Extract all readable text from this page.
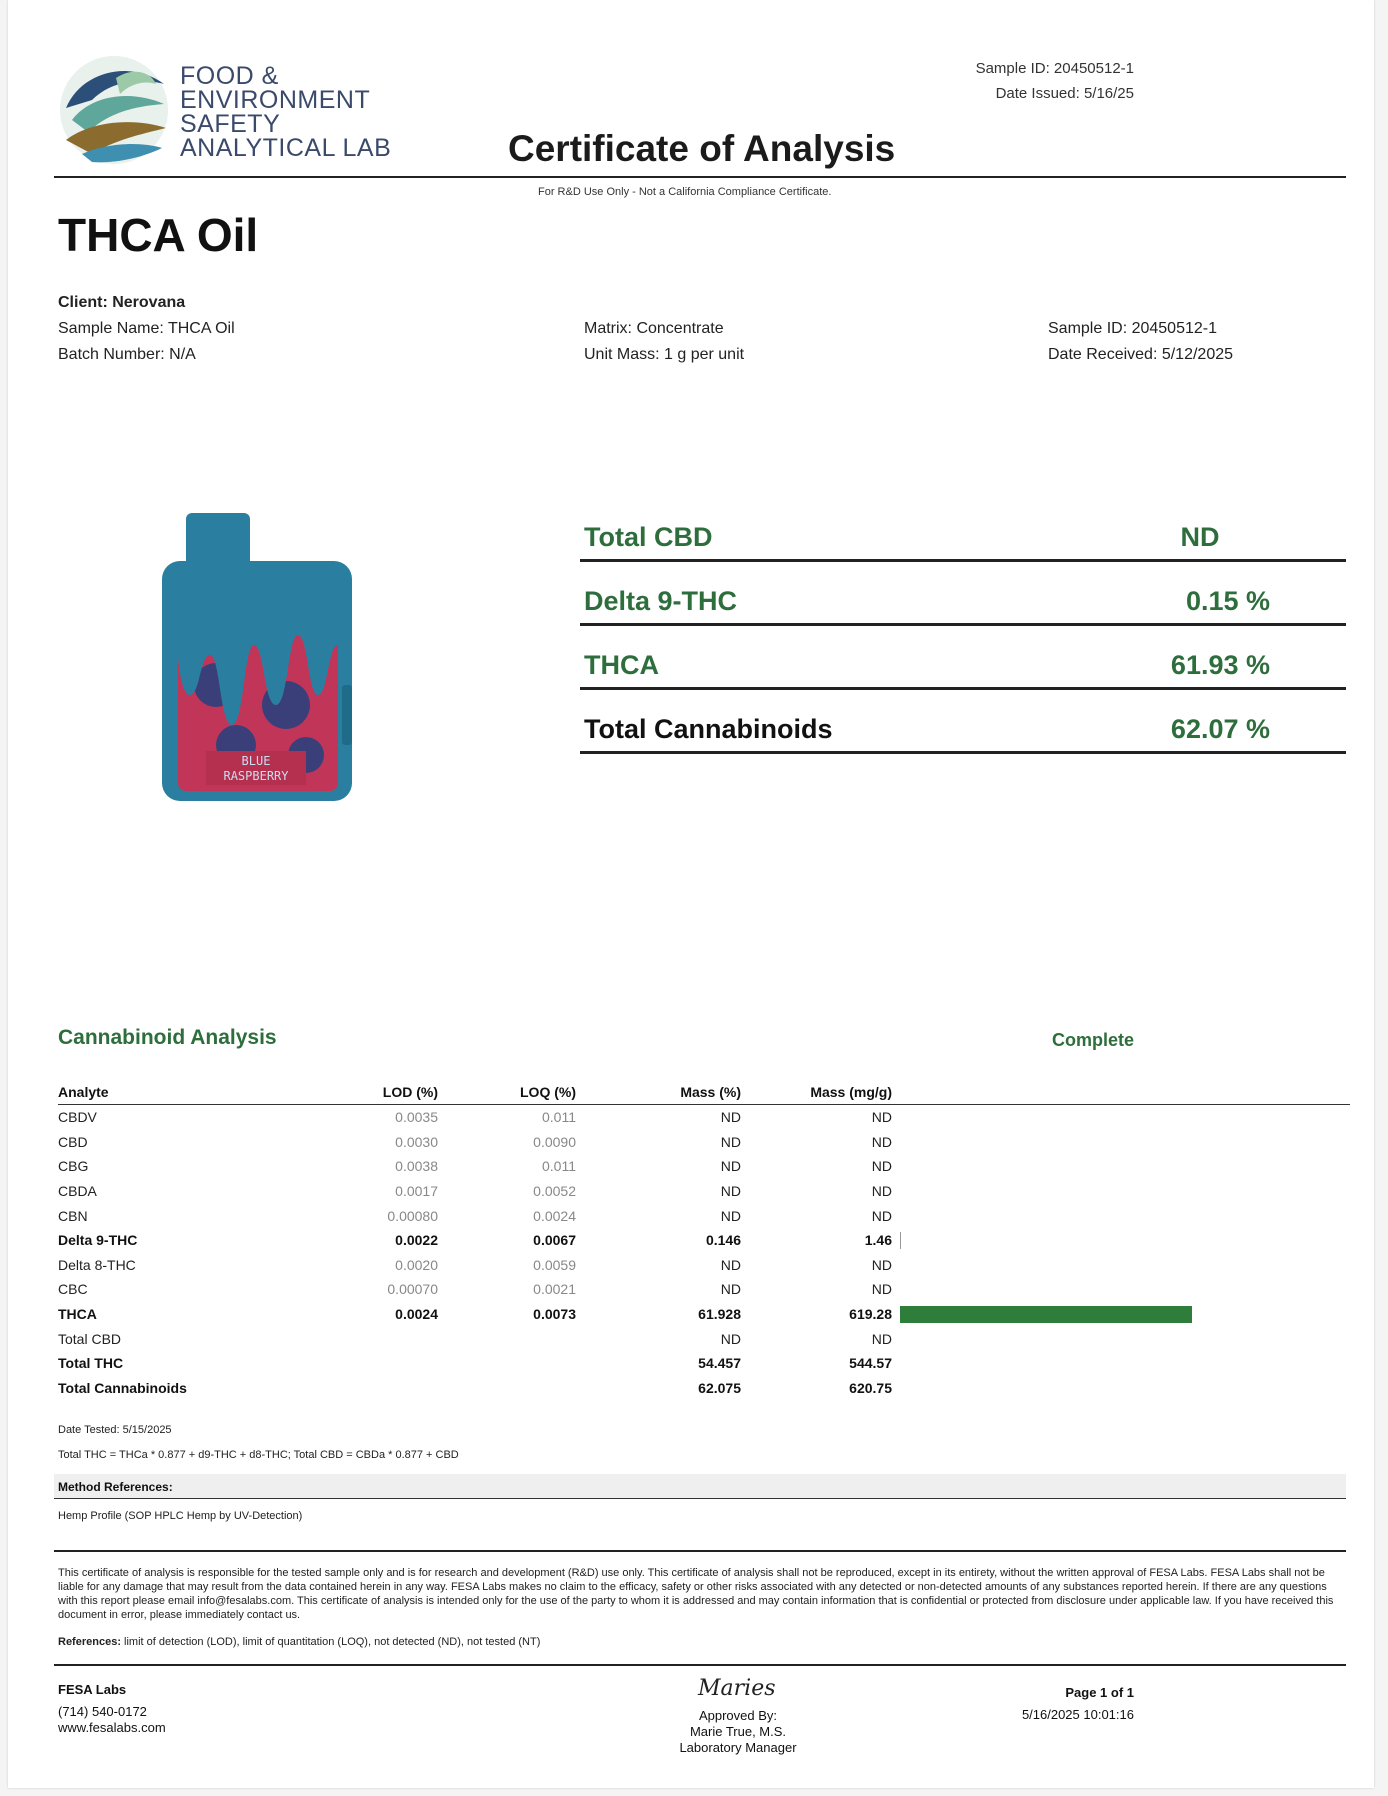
FOOD &
ENVIRONMENT
SAFETY
ANALYTICAL LAB
Sample ID: 20450512-1
Date Issued: 5/16/25
Certificate of Analysis
For R&D Use Only - Not a California Compliance Certificate.
THCA Oil
Client: Nerovana
Sample Name: THCA Oil
Batch Number: N/A
Matrix: Concentrate
Unit Mass: 1 g per unit
Sample ID: 20450512-1
Date Received: 5/12/2025
BLUE
RASPBERRY
Total CBD	ND
Delta 9-THC	0.15 %
THCA	61.93 %
Total Cannabinoids	62.07 %
Cannabinoid Analysis	Complete
Analyte	LOD (%)	LOQ (%)	Mass (%)	Mass (mg/g)	
CBDV	0.0035	0.011	ND	ND	
CBD	0.0030	0.0090	ND	ND	
CBG	0.0038	0.011	ND	ND	
CBDA	0.0017	0.0052	ND	ND	
CBN	0.00080	0.0024	ND	ND	
Delta 9-THC	0.0022	0.0067	0.146	1.46	

Delta 8-THC	0.0020	0.0059	ND	ND	
CBC	0.00070	0.0021	ND	ND	
THCA	0.0024	0.0073	61.928	619.28	

Total CBD			ND	ND	
Total THC			54.457	544.57	
Total Cannabinoids			62.075	620.75	
Date Tested: 5/15/2025
Total THC = THCa * 0.877 + d9-THC + d8-THC; Total CBD = CBDa * 0.877 + CBD
Method References:
Hemp Profile (SOP HPLC Hemp by UV-Detection)
This certificate of analysis is responsible for the tested sample only and is for research and development (R&D) use only. This certificate of analysis shall not be reproduced, except in its entirety, without the written approval of FESA Labs. FESA Labs shall not be liable for any damage that may result from the data contained herein in any way. FESA Labs makes no claim to the efficacy, safety or other risks associated with any detected or non-detected amounts of any substances reported herein. If there are any questions with this report please email info@fesalabs.com. This certificate of analysis is intended only for the use of the party to whom it is addressed and may contain information that is confidential or protected from disclosure under applicable law. If you have received this document in error, please immediately contact us.
References: limit of detection (LOD), limit of quantitation (LOQ), not detected (ND), not tested (NT)
FESA Labs
(714) 540-0172
www.fesalabs.com
Maries
Approved By:
Marie True, M.S.
Laboratory Manager
Page 1 of 1
5/16/2025 10:01:16
